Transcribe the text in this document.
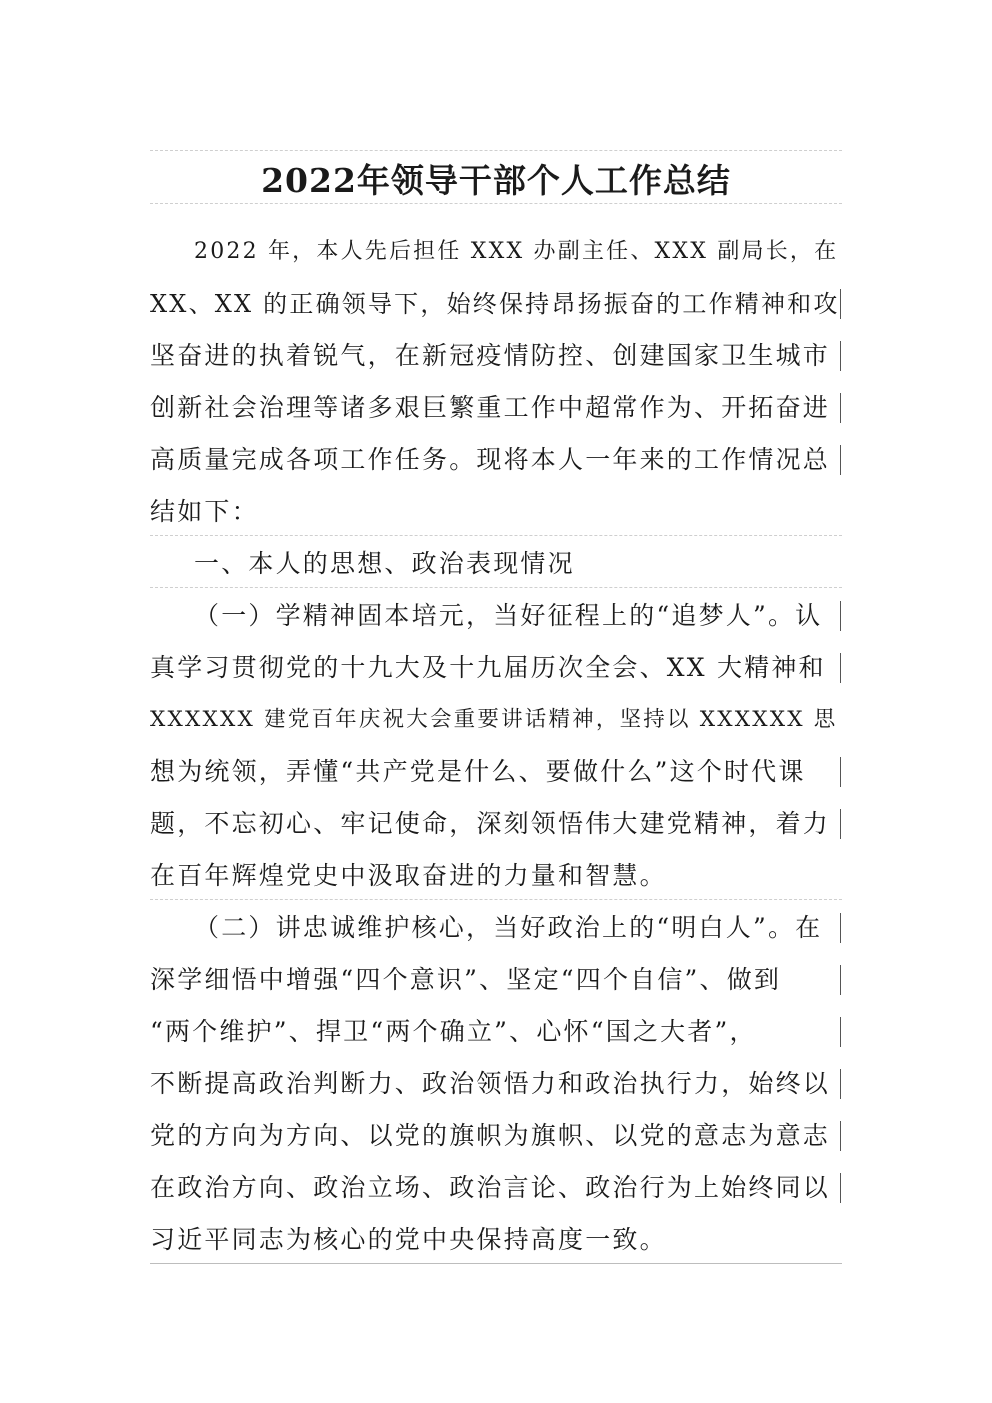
2022年领导干部个人工作总结
2022 年，本人先后担任 XXX 办副主任、XXX 副局长，在
XX、XX 的正确领导下，始终保持昂扬振奋的工作精神和攻
坚奋进的执着锐气，在新冠疫情防控、创建国家卫生城市
创新社会治理等诸多艰巨繁重工作中超常作为、开拓奋进
高质量完成各项工作任务。现将本人一年来的工作情况总
结如下：
一、本人的思想、政治表现情况
（一）学精神固本培元，当好征程上的“追梦人”。认
真学习贯彻党的十九大及十九届历次全会、XX 大精神和
XXXXXX 建党百年庆祝大会重要讲话精神，坚持以 XXXXXX 思
想为统领，弄懂“共产党是什么、要做什么”这个时代课
题，不忘初心、牢记使命，深刻领悟伟大建党精神，着力
在百年辉煌党史中汲取奋进的力量和智慧。
（二）讲忠诚维护核心，当好政治上的“明白人”。在
深学细悟中增强“四个意识”、坚定“四个自信”、做到
“两个维护”、捍卫“两个确立”、心怀“国之大者”，
不断提高政治判断力、政治领悟力和政治执行力，始终以
党的方向为方向、以党的旗帜为旗帜、以党的意志为意志
在政治方向、政治立场、政治言论、政治行为上始终同以
习近平同志为核心的党中央保持高度一致。
